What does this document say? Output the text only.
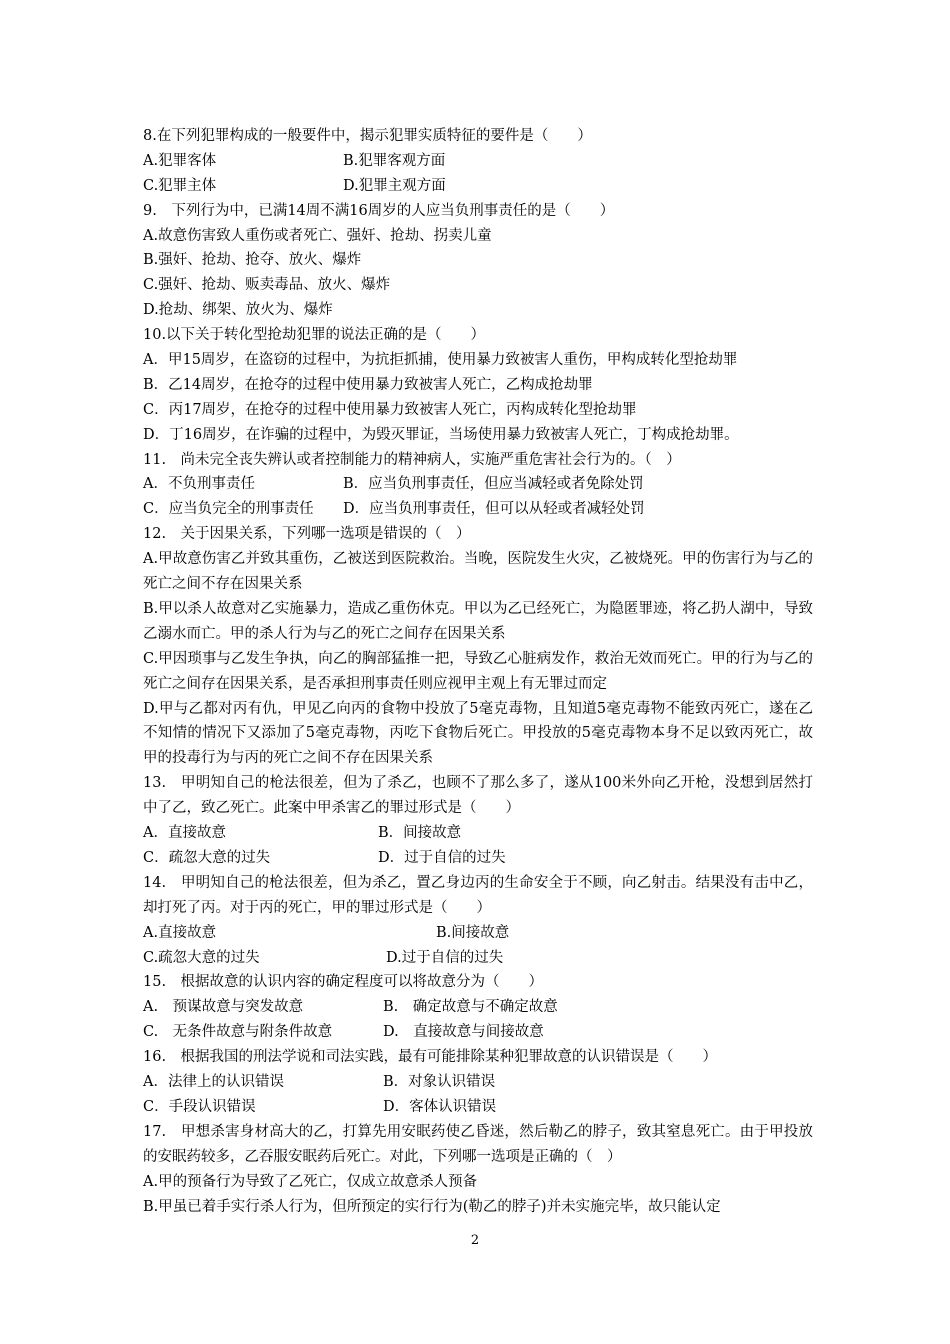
8.在下列犯罪构成的一般要件中，揭示犯罪实质特征的要件是（　　）
A.犯罪客体	B.犯罪客观方面
C.犯罪主体	D.犯罪主观方面
9.　下列行为中，已满14周不满16周岁的人应当负刑事责任的是（　　）
A.故意伤害致人重伤或者死亡、强奸、抢劫、拐卖儿童
B.强奸、抢劫、抢夺、放火、爆炸
C.强奸、抢劫、贩卖毒品、放火、爆炸
D.抢劫、绑架、放火为、爆炸
10.以下关于转化型抢劫犯罪的说法正确的是（　　）
A．甲15周岁，在盗窃的过程中，为抗拒抓捕，使用暴力致被害人重伤，甲构成转化型抢劫罪
B．乙14周岁，在抢夺的过程中使用暴力致被害人死亡，乙构成抢劫罪
C．丙17周岁，在抢夺的过程中使用暴力致被害人死亡，丙构成转化型抢劫罪
D．丁16周岁，在诈骗的过程中，为毁灭罪证，当场使用暴力致被害人死亡，丁构成抢劫罪。
11.　尚未完全丧失辨认或者控制能力的精神病人，实施严重危害社会行为的。（　）
A．不负刑事责任	B．应当负刑事责任，但应当减轻或者免除处罚
C．应当负完全的刑事责任	D．应当负刑事责任，但可以从轻或者减轻处罚
12.　关于因果关系，下列哪一选项是错误的（　）
A.甲故意伤害乙并致其重伤，乙被送到医院救治。当晚，医院发生火灾，乙被烧死。甲的伤害行为与乙的死亡之间不存在因果关系
B.甲以杀人故意对乙实施暴力，造成乙重伤休克。甲以为乙已经死亡，为隐匿罪迹，将乙扔人湖中，导致乙溺水而亡。甲的杀人行为与乙的死亡之间存在因果关系
C.甲因琐事与乙发生争执，向乙的胸部猛推一把，导致乙心脏病发作，救治无效而死亡。甲的行为与乙的死亡之间存在因果关系，是否承担刑事责任则应视甲主观上有无罪过而定
D.甲与乙都对丙有仇，甲见乙向丙的食物中投放了5毫克毒物，且知道5毫克毒物不能致丙死亡，遂在乙不知情的情况下又添加了5毫克毒物，丙吃下食物后死亡。甲投放的5毫克毒物本身不足以致丙死亡，故甲的投毒行为与丙的死亡之间不存在因果关系
13.　甲明知自己的枪法很差，但为了杀乙，也顾不了那么多了，遂从100米外向乙开枪，没想到居然打中了乙，致乙死亡。此案中甲杀害乙的罪过形式是（　　）
A．直接故意	B．间接故意
C．疏忽大意的过失	D．过于自信的过失
14.　甲明知自己的枪法很差，但为杀乙，置乙身边丙的生命安全于不顾，向乙射击。结果没有击中乙，却打死了丙。对于丙的死亡，甲的罪过形式是（　　）
A.直接故意	B.间接故意
C.疏忽大意的过失	D.过于自信的过失
15.　根据故意的认识内容的确定程度可以将故意分为（　　）
A.　预谋故意与突发故意	B.　确定故意与不确定故意
C.　无条件故意与附条件故意	D.　直接故意与间接故意
16.　根据我国的刑法学说和司法实践，最有可能排除某种犯罪故意的认识错误是（　　）
A．法律上的认识错误	B．对象认识错误
C．手段认识错误	D．客体认识错误
17.　甲想杀害身材高大的乙，打算先用安眠药使乙昏迷，然后勒乙的脖子，致其窒息死亡。由于甲投放的安眠药较多，乙吞服安眠药后死亡。对此，下列哪一选项是正确的（　）
A.甲的预备行为导致了乙死亡，仅成立故意杀人预备
B.甲虽已着手实行杀人行为，但所预定的实行行为(勒乙的脖子)并未实施完毕，故只能认定
2
